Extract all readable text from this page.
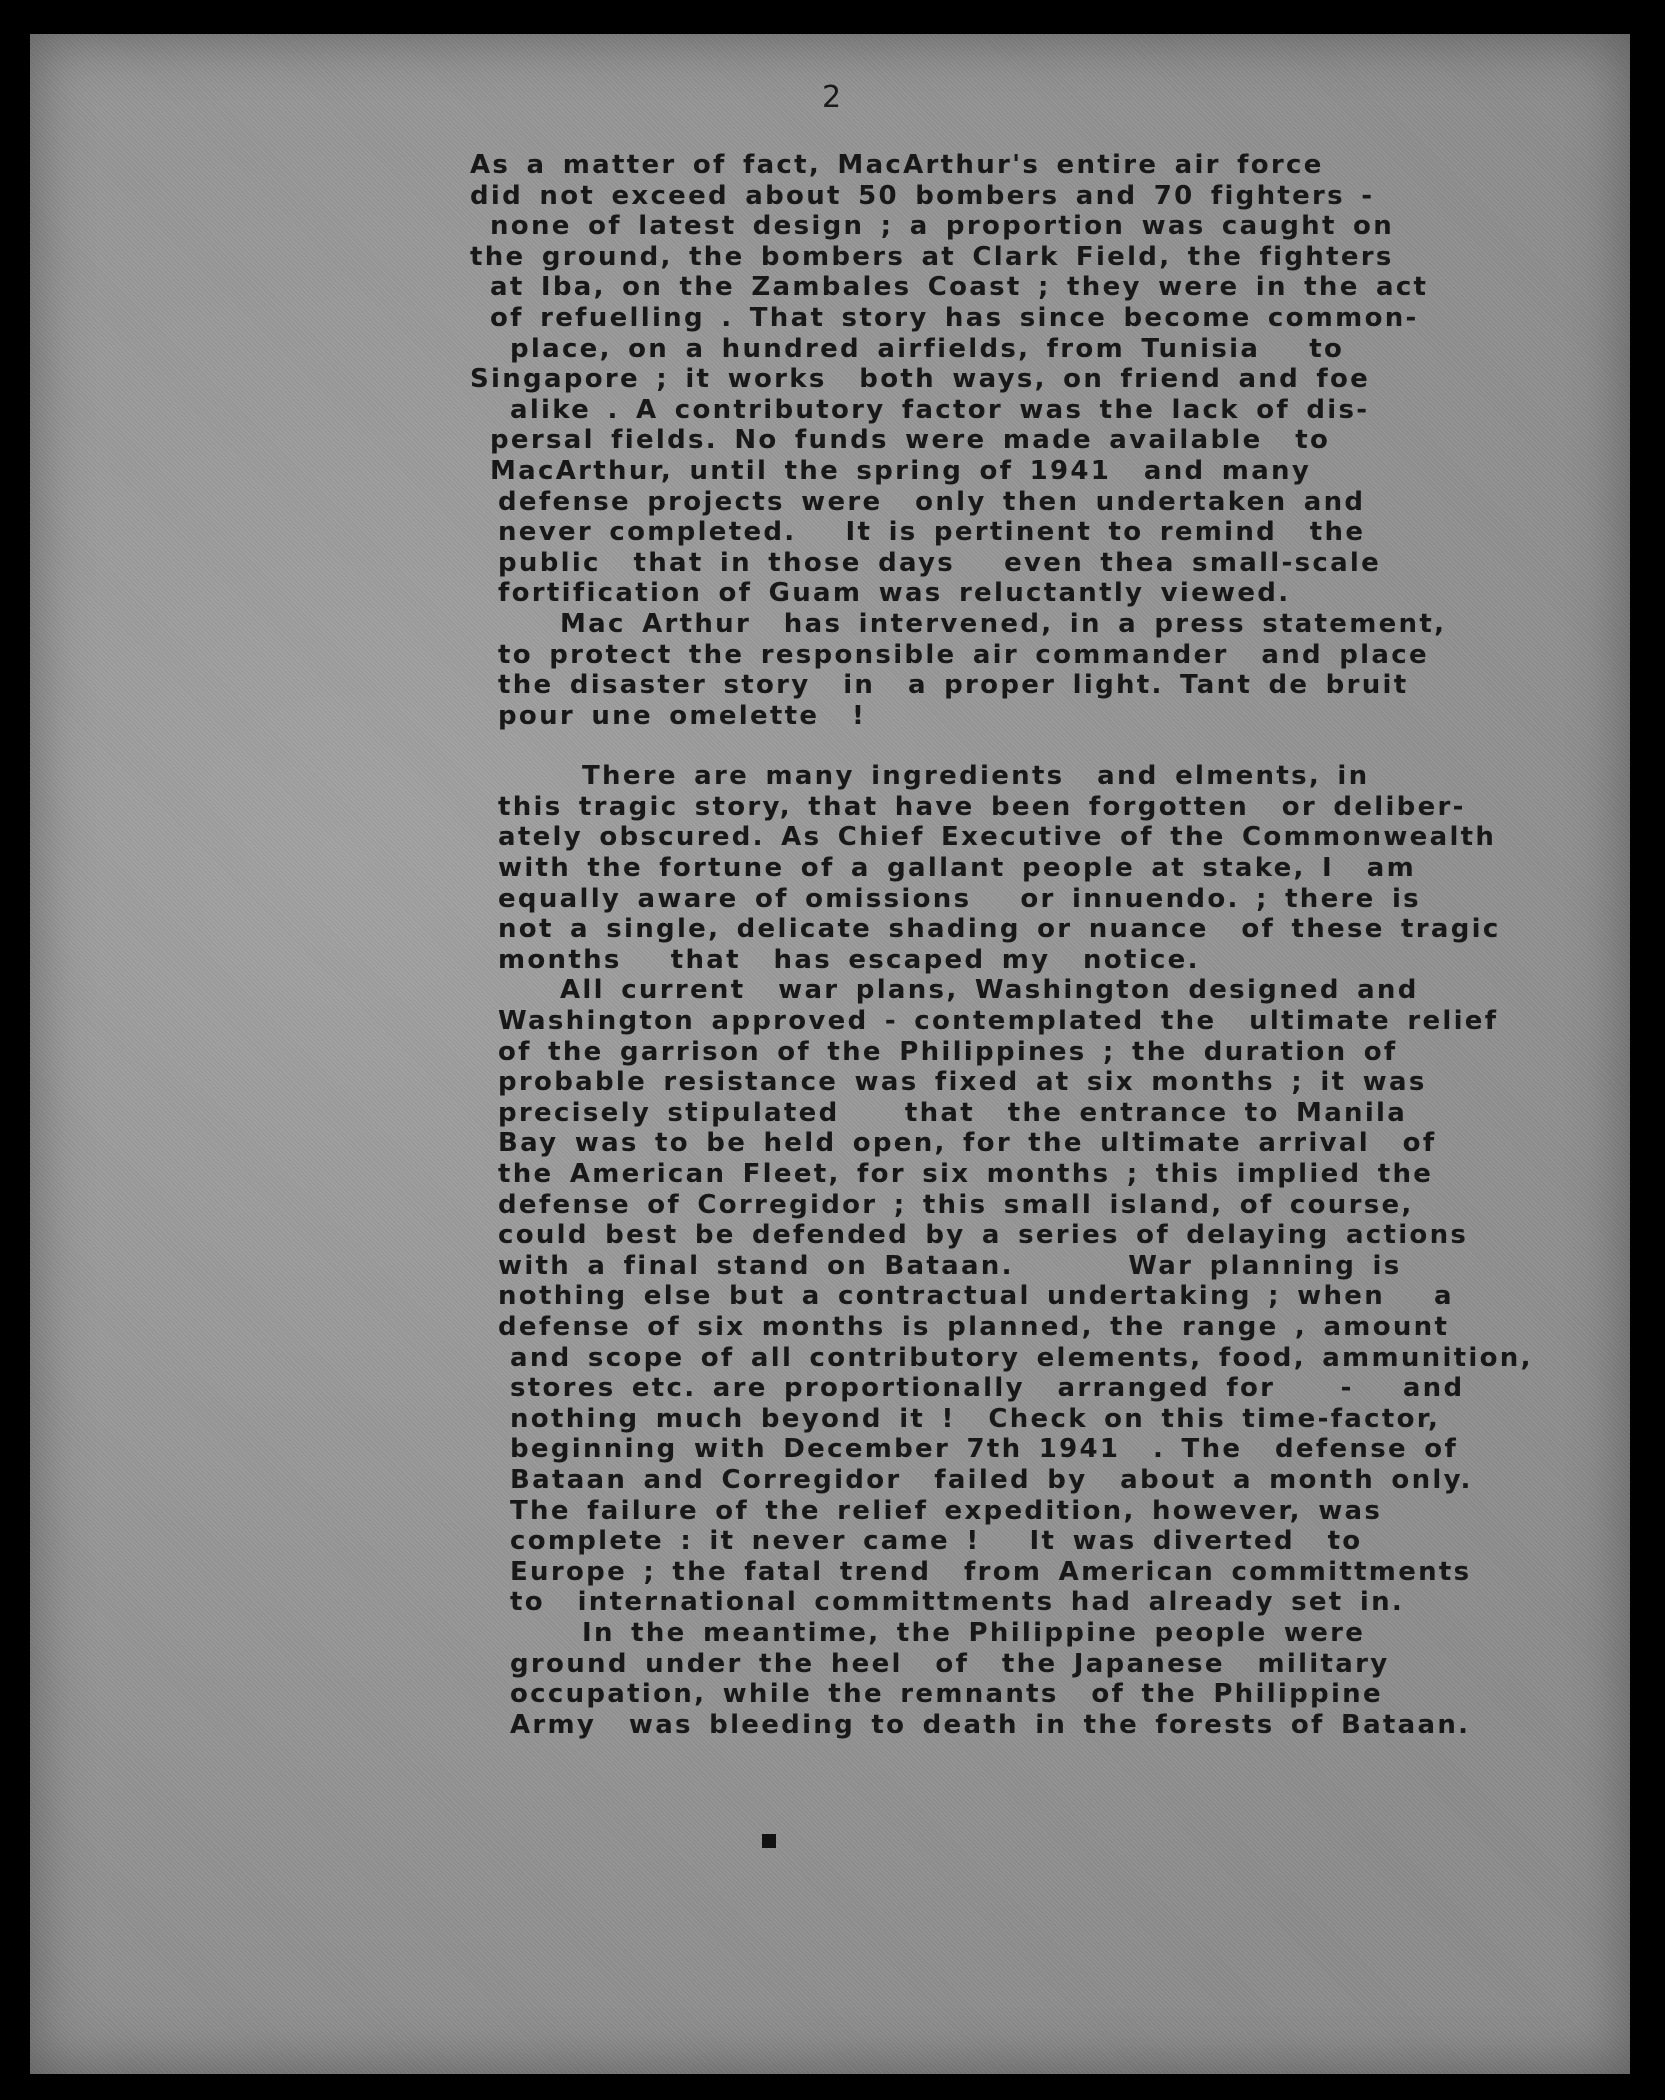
2
As a matter of fact, MacArthur's entire air force
did not exceed about 50 bombers and 70 fighters -
none of latest design ; a proportion was caught on
the ground, the bombers at Clark Field, the fighters
at Iba, on the Zambales Coast ; they were in the act
of refuelling . That story has since become common-
place, on a hundred airfields, from Tunisia   to
Singapore ; it works  both ways, on friend and foe
alike . A contributory factor was the lack of dis-
persal fields. No funds were made available  to
MacArthur, until the spring of 1941  and many
defense projects were  only then undertaken and
never completed.   It is pertinent to remind  the
public  that in those days   even thea small-scale
fortification of Guam was reluctantly viewed.
Mac Arthur  has intervened, in a press statement,
to protect the responsible air commander  and place
the disaster story  in  a proper light. Tant de bruit
pour une omelette  !
There are many ingredients  and elments, in
this tragic story, that have been forgotten  or deliber-
ately obscured. As Chief Executive of the Commonwealth
with the fortune of a gallant people at stake, I  am
equally aware of omissions   or innuendo. ; there is
not a single, delicate shading or nuance  of these tragic
months   that  has escaped my  notice.
All current  war plans, Washington designed and
Washington approved - contemplated the  ultimate relief
of the garrison of the Philippines ; the duration of
probable resistance was fixed at six months ; it was
precisely stipulated    that  the entrance to Manila
Bay was to be held open, for the ultimate arrival  of
the American Fleet, for six months ; this implied the
defense of Corregidor ; this small island, of course,
could best be defended by a series of delaying actions
with a final stand on Bataan.       War planning is
nothing else but a contractual undertaking ; when   a
defense of six months is planned, the range , amount
and scope of all contributory elements, food, ammunition,
stores etc. are proportionally  arranged for    -   and
nothing much beyond it !  Check on this time-factor,
beginning with December 7th 1941  . The  defense of
Bataan and Corregidor  failed by  about a month only.
The failure of the relief expedition, however, was
complete : it never came !   It was diverted  to
Europe ; the fatal trend  from American committments
to  international committments had already set in.
In the meantime, the Philippine people were
ground under the heel  of  the Japanese  military
occupation, while the remnants  of the Philippine
Army  was bleeding to death in the forests of Bataan.
